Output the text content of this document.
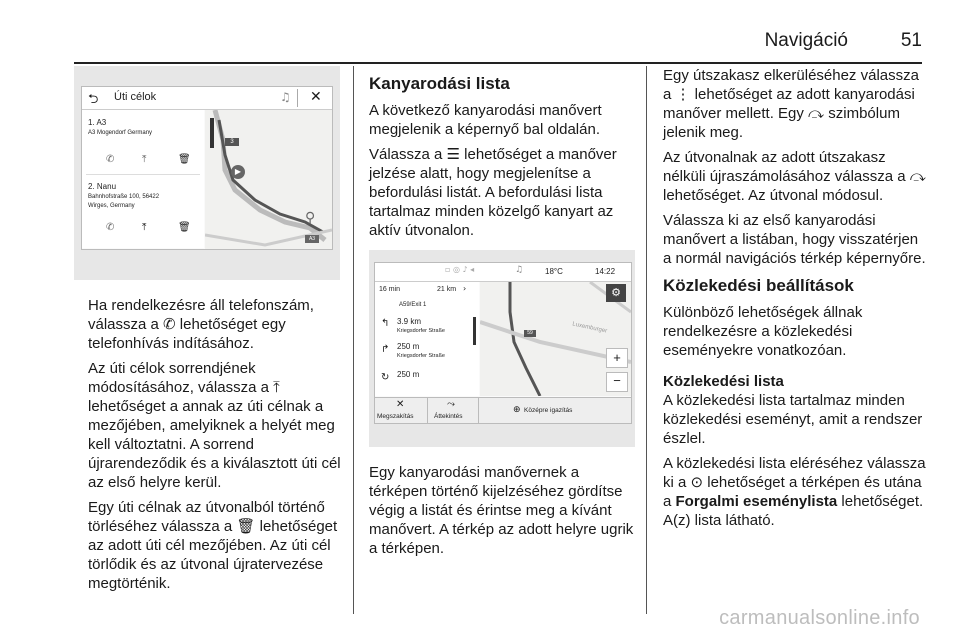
Navigáció	51
⮌ Úti célok	♫ ✕
1. A3
A3 Mogendorf Germany
✆	⤒	🗑
2. Nanu
Bahnhofstraße 100, 56422
Wirges, Germany
✆	⤒	🗑
3
▶
⚲
A3

Ha rendelkezésre áll telefonszám, válassza a ✆ lehetőséget egy telefonhívás indításához.

Az úti célok sorrendjének módosításához, válassza a ⤒ lehetőséget a annak az úti célnak a mezőjében, amelyiknek a helyét meg kell változtatni. A sorrend újrarendeződik és a kiválasztott úti cél az első helyre kerül.

Egy úti célnak az útvonalból történő törléséhez válassza a 🗑 lehetőséget az adott úti cél mezőjében. Az úti cél törlődik és az útvonal újratervezése megtörténik.

Kanyarodási lista

A következő kanyarodási manővert megjelenik a képernyő bal oldalán.

Válassza a ☰ lehetőséget a manőver jelzése alatt, hogy megjelenítse a befordulási listát. A befordulási lista tartalmaz minden közelgő kanyart az aktív útvonalon.

▫ ◎ ♪ ◂	♫	18°C	14:22
16 min	21 km ›
A59/Exit 1
↰ 3.9 km
Kriegsdorfer Straße
↱ 250 m
Kriegsdorfer Straße
↻ 250 m
⚙
59	Luxemburger
+
−
✕
Megszakítás
⤳
Áttekintés
⊕ Középre igazítás

Egy kanyarodási manővernek a térképen történő kijelzéséhez gördítse végig a listát és érintse meg a kívánt manővert. A térkép az adott helyre ugrik a térképen.

Egy útszakasz elkerüléséhez válassza a ⋮ lehetőséget az adott kanyarodási manőver mellett. Egy ⤼ szimbólum jelenik meg.

Az útvonalnak az adott útszakasz nélküli újraszámolásához válassza a ⤼ lehetőséget. Az útvonal módosul.

Válassza ki az első kanyarodási manővert a listában, hogy visszatérjen a normál navigációs térkép képernyőre.

Közlekedési beállítások

Különböző lehetőségek állnak rendelkezésre a közlekedési eseményekre vonatkozóan.

Közlekedési lista

A közlekedési lista tartalmaz minden közlekedési eseményt, amit a rendszer észlel.

A közlekedési lista eléréséhez válassza ki a ⊙ lehetőséget a térképen és utána a Forgalmi eseménylista lehetőséget. A(z) lista látható.

carmanualsonline.info
